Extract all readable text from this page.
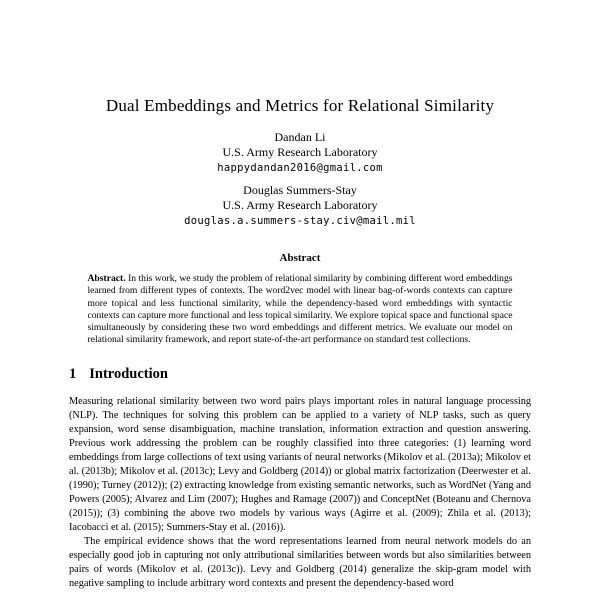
Dual Embeddings and Metrics for Relational Similarity
Dandan Li
U.S. Army Research Laboratory
happydandan2016@gmail.com
Douglas Summers-Stay
U.S. Army Research Laboratory
douglas.a.summers-stay.civ@mail.mil
Abstract

Abstract. In this work, we study the problem of relational similarity by combining different word embeddings learned from different types of contexts. The word2vec model with linear bag-of-words contexts can capture more topical and less functional similarity, while the dependency-based word embeddings with syntactic contexts can capture more functional and less topical similarity. We explore topical space and functional space simultaneously by considering these two word embeddings and different metrics. We evaluate our model on relational similarity framework, and report state-of-the-art performance on standard test collections.

1 Introduction

Measuring relational similarity between two word pairs plays important roles in natural language processing (NLP). The techniques for solving this problem can be applied to a variety of NLP tasks, such as query expansion, word sense disambiguation, machine translation, information extraction and question answering. Previous work addressing the problem can be roughly classified into three categories: (1) learning word embeddings from large collections of text using variants of neural networks (Mikolov et al. (2013a); Mikolov et al. (2013b); Mikolov et al. (2013c); Levy and Goldberg (2014)) or global matrix factorization (Deerwester et al. (1990); Turney (2012)); (2) extracting knowledge from existing semantic networks, such as WordNet (Yang and Powers (2005); Alvarez and Lim (2007); Hughes and Ramage (2007)) and ConceptNet (Boteanu and Chernova (2015)); (3) combining the above two models by various ways (Agirre et al. (2009); Zhila et al. (2013); Iacobacci et al. (2015); Summers-Stay et al. (2016)).

The empirical evidence shows that the word representations learned from neural network models do an especially good job in capturing not only attributional similarities between words but also similarities between pairs of words (Mikolov et al. (2013c)). Levy and Goldberg (2014) generalize the skip-gram model with negative sampling to include arbitrary word contexts and present the dependency-based word
